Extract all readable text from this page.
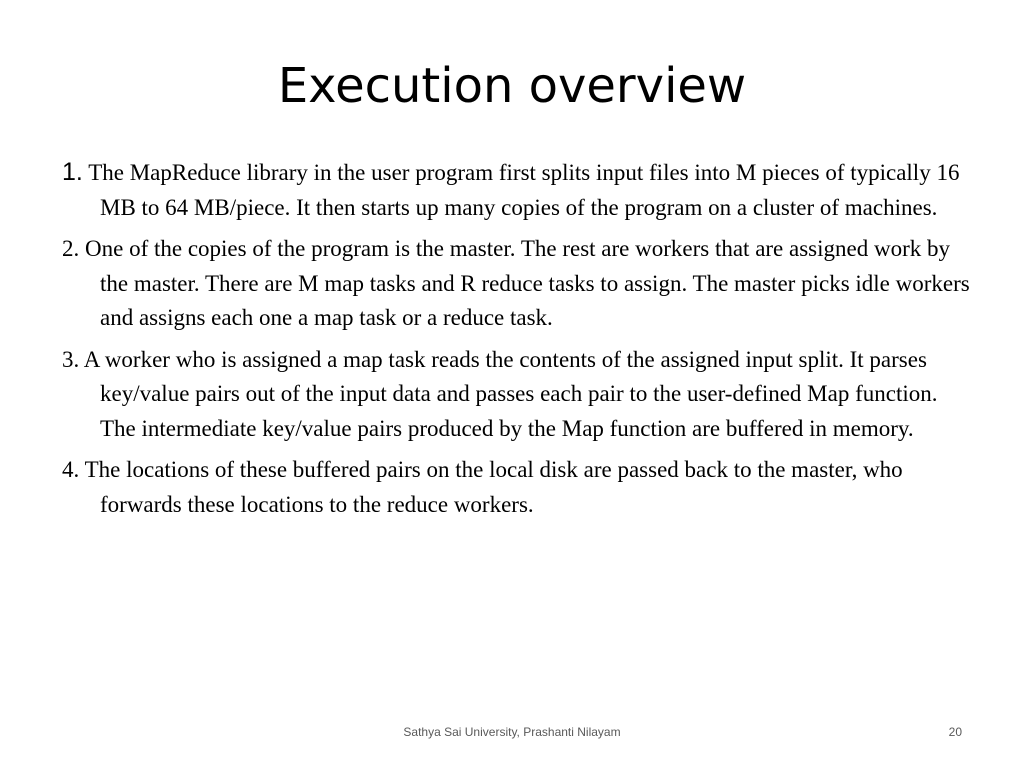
Execution overview
1. The MapReduce library in the user program first splits input files into M pieces of typically 16 MB to 64 MB/piece. It then starts up many copies of the program on a cluster of machines.
2. One of the copies of the program is the master. The rest are workers that are assigned work by the master. There are M map tasks and R reduce tasks to assign. The master picks idle workers and assigns each one a map task or a reduce task.
3. A worker who is assigned a map task reads the contents of the assigned input split. It parses key/value pairs out of the input data and passes each pair to the user-defined Map function. The intermediate key/value pairs produced by the Map function are buffered in memory.
4. The locations of these buffered pairs on the local disk are passed back to the master, who forwards these locations to the reduce workers.
Sathya Sai University, Prashanti Nilayam	20
